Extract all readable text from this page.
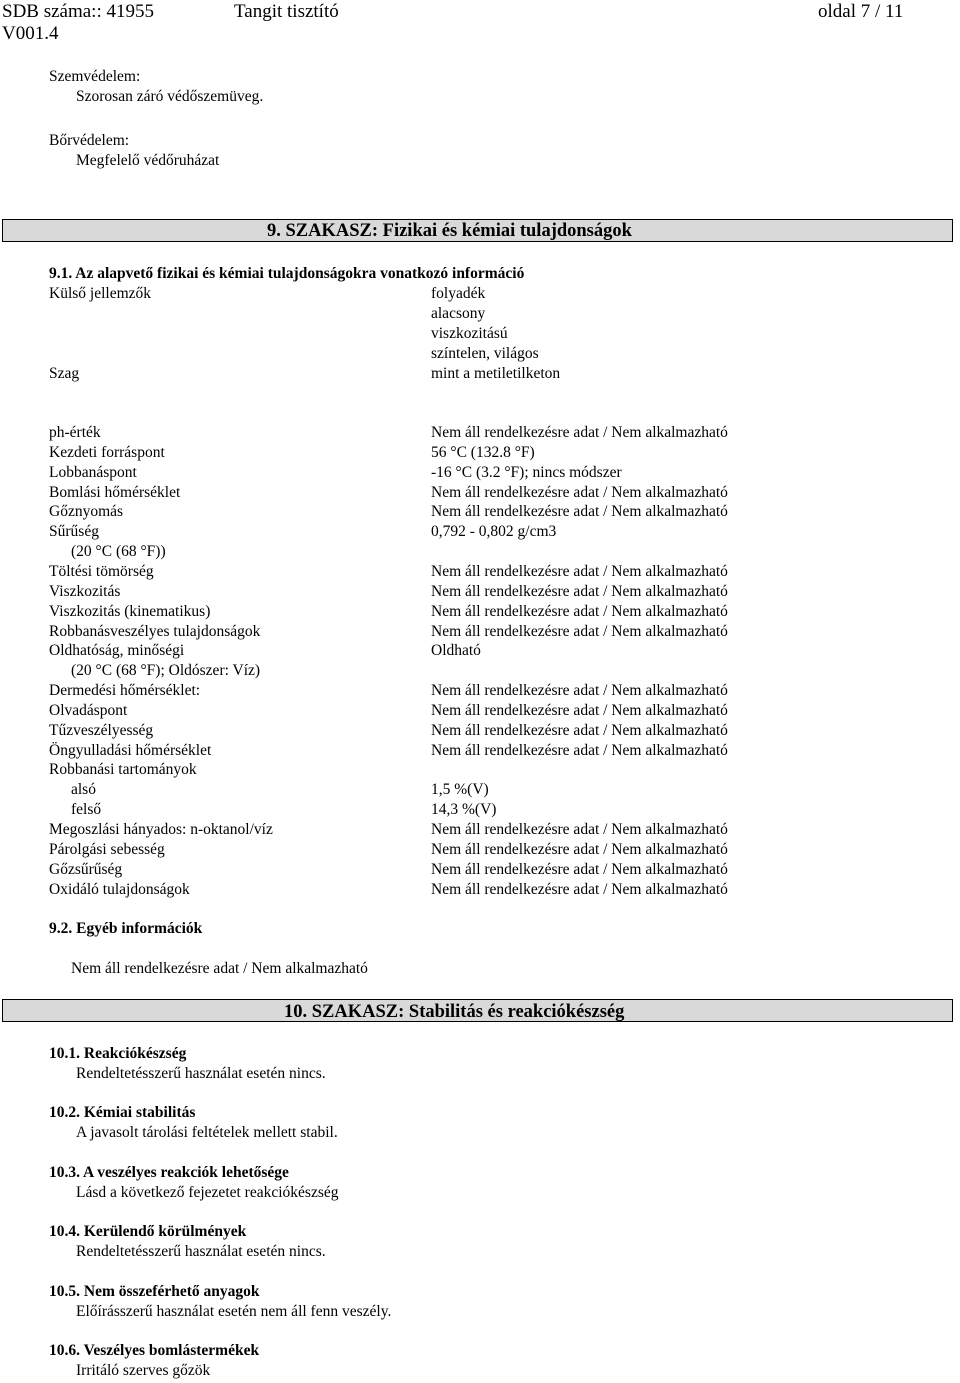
SDB száma:: 41955	Tangit tisztító	oldal 7 / 11
V001.4
Szemvédelem:
Szorosan záró védőszemüveg.
Bőrvédelem:
Megfelelő védőruházat
9. SZAKASZ: Fizikai és kémiai tulajdonságok
9.1. Az alapvető fizikai és kémiai tulajdonságokra vonatkozó információ
Külső jellemzők	folyadék
alacsony
viszkozitású
színtelen, világos
Szag	mint a metiletilketon
ph-érték	Nem áll rendelkezésre adat / Nem alkalmazható
Kezdeti forráspont	56 °C (132.8 °F)
Lobbanáspont	-16 °C (3.2 °F); nincs módszer
Bomlási hőmérséklet	Nem áll rendelkezésre adat / Nem alkalmazható
Gőznyomás	Nem áll rendelkezésre adat / Nem alkalmazható
Sűrűség	0,792 - 0,802 g/cm3
(20 °C (68 °F))
Töltési tömörség	Nem áll rendelkezésre adat / Nem alkalmazható
Viszkozitás	Nem áll rendelkezésre adat / Nem alkalmazható
Viszkozitás (kinematikus)	Nem áll rendelkezésre adat / Nem alkalmazható
Robbanásveszélyes tulajdonságok	Nem áll rendelkezésre adat / Nem alkalmazható
Oldhatóság, minőségi	Oldható
(20 °C (68 °F); Oldószer: Víz)
Dermedési hőmérséklet:	Nem áll rendelkezésre adat / Nem alkalmazható
Olvadáspont	Nem áll rendelkezésre adat / Nem alkalmazható
Tűzveszélyesség	Nem áll rendelkezésre adat / Nem alkalmazható
Öngyulladási hőmérséklet	Nem áll rendelkezésre adat / Nem alkalmazható
Robbanási tartományok
alsó	1,5 %(V)
felső	14,3 %(V)
Megoszlási hányados: n-oktanol/víz	Nem áll rendelkezésre adat / Nem alkalmazható
Párolgási sebesség	Nem áll rendelkezésre adat / Nem alkalmazható
Gőzsűrűség	Nem áll rendelkezésre adat / Nem alkalmazható
Oxidáló tulajdonságok	Nem áll rendelkezésre adat / Nem alkalmazható
9.2. Egyéb információk
Nem áll rendelkezésre adat / Nem alkalmazható
10. SZAKASZ: Stabilitás és reakciókészség
10.1. Reakciókészség
Rendeltetésszerű használat esetén nincs.
10.2. Kémiai stabilitás
A javasolt tárolási feltételek mellett stabil.
10.3. A veszélyes reakciók lehetősége
Lásd a következő fejezetet reakciókészség
10.4. Kerülendő körülmények
Rendeltetésszerű használat esetén nincs.
10.5. Nem összeférhető anyagok
Előírásszerű használat esetén nem áll fenn veszély.
10.6. Veszélyes bomlástermékek
Irritáló szerves gőzök
